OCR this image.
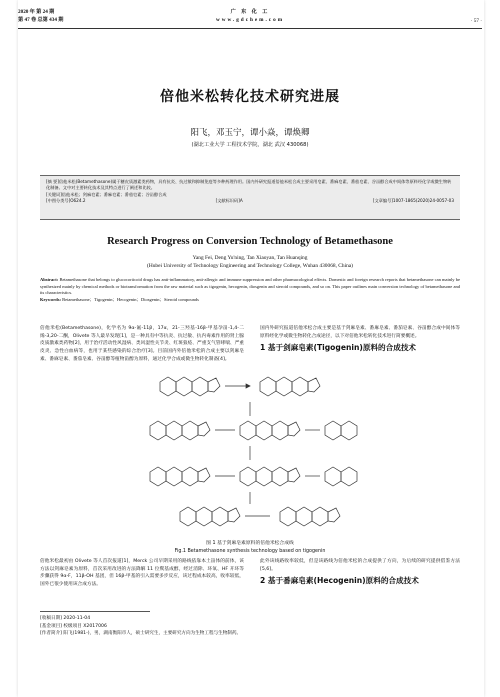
2020 年 第 24 期
第 47 卷 总第 434 期
广 东 化 工
www.gdchem.com	· 57 ·
倍他米松转化技术研究进展
阳飞，邓玉宁，谭小焱，谭焕卿
(湖北工业大学 工程技术学院，湖北 武汉 430068)
[摘 要]倍他米松(Betamethasone)属于糖皮质激素类药物，具有抗炎、抗过敏和抑制免疫等多种药理作用。国内外研究报道倍他米松合成主要采用皂素、番麻皂素、番茄皂素、谷甾醇合成中间体等原料经化学或微生物转化制备。文中对主要转化技术及其特点进行了阐述和比较。
[关键词]倍他米松；剑麻皂素；番麻皂素；番茄皂素；谷甾醇合成
[中图分类号]O624.2	[文献标识码]A	[文章编号]1007-1865(2020)24-0057-03
Research Progress on Conversion Technology of Betamethasone
Yang Fei, Deng Yu'ning, Tan Xiaoyan, Tan Huanqing
(Hubei University of Technology Engineering and Technology College, Wuhan 430068, China)
Abstract: Betamethasone that belongs to glucocorticoid drugs has anti-inflammatory, anti-allergic and immune suppression and other pharmacological effects. Domestic and foreign research reports that betamethasone can mainly be synthesized mainly by chemical methods or biotransformation from the raw material such as tigogenin, hecogenin, diosgenin and steroid compounds, and so on. This paper outlines main conversion technology of betamethasone and its characteristics.
Keywords: Betamethasone；Tigogenin；Hecogenin；Diosgenin；Steroid compounds
倍他米松(Betamethasone)，化学名为 9α-氟-11β，17α，21-三羟基-16β-甲基孕甾-1,4-二烯-3,20-二酮，Olivete 等人最早发现[1]，是一种具有中等抗炎、抗过敏、抗内毒素作用的肾上腺皮质激素类药物[2]，用于治疗活动性风湿病、类风湿性关节炎、红斑狼疮、严重支气管哮喘、严重皮炎、急性白血病等，也用于某些感染的综合治疗[3]。目前国内外倍他米松的合成主要以剑麻皂素、番麻皂素、番茄皂素、谷甾醇等植物甾醇为原料，通过化学合成或微生物转化制备[4]。
国内外研究报道倍他米松合成主要是基于剑麻皂素、番麻皂素、番茄皂素、谷甾醇合成中间体等原料经化学或微生物转化合成途径，以下对倍他米松转化技术进行简要概述。
1 基于剑麻皂素(Tigogenin)原料的合成技术
图 1 基于剑麻皂素原料的倍他米松合成线
Fig.1 Betamethasone synthesis technology based on tigogenin
倍他米松最初由 Olivete 等人首次报道[1]，Merck 公司早期采用的路线依靠本土甾体的前体，该方法以剑麻皂素为原料，首次采用改进的方法降解 11 位羰基成醇，经过消除、环氧、HF 开环等步骤获得 9α-F，11β-OH 基团，但 16β-甲基的引入需要多步反应，该过程成本较高，收率较低，国外已很少使用该合成方法。
此外该线路收率较低，但是该路线为倍他米松的合成提供了方向，为后续的研究提供借鉴方法[5,6]。
2 基于番麻皂素(Hecogenin)原料的合成技术
[收稿日期] 2020-11-04
[基金项目] 校级项目 X2017006
[作者简介] 阳飞(1981-)，男，湖南衡阳市人，硕士研究生，主要研究方向为生物工程与生物制药。
